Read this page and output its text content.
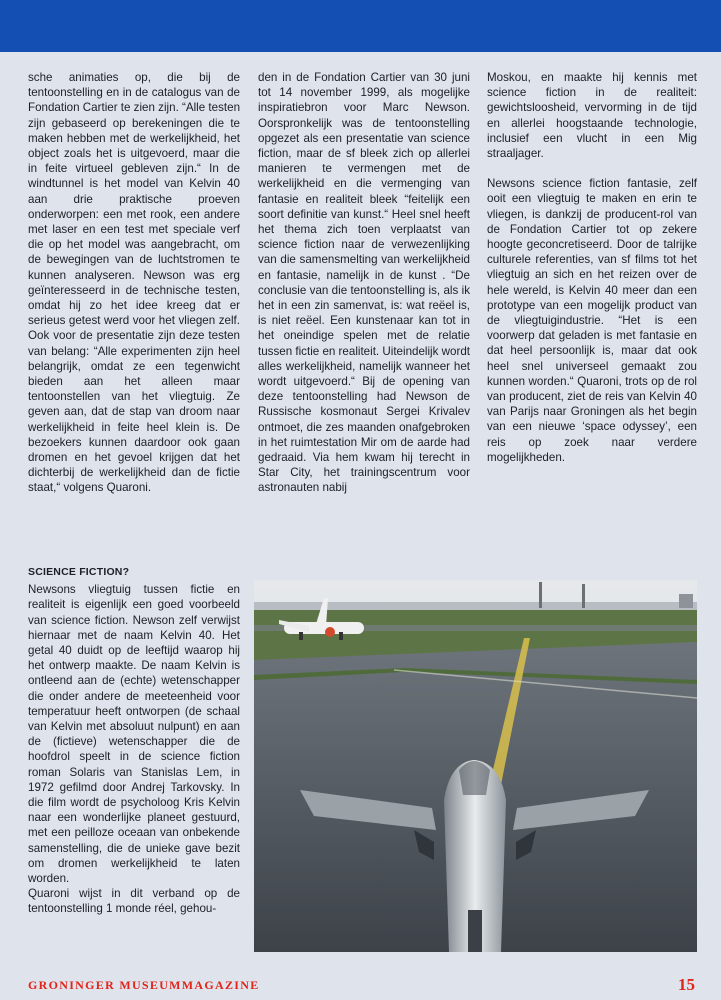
sche animaties op, die bij de tentoonstelling en in de catalogus van de Fondation Cartier te zien zijn. “Alle testen zijn gebaseerd op berekeningen die te maken hebben met de werkelijkheid, het object zoals het is uitgevoerd, maar die in feite virtueel gebleven zijn.“ In de windtunnel is het model van Kelvin 40 aan drie praktische proeven onderworpen: een met rook, een andere met laser en een test met speciale verf die op het model was aangebracht, om de bewegingen van de luchtstromen te kunnen analyseren. Newson was erg geïnteresseerd in de technische testen, omdat hij zo het idee kreeg dat er serieus getest werd voor het vliegen zelf. Ook voor de presentatie zijn deze testen van belang: “Alle experimenten zijn heel belangrijk, omdat ze een tegenwicht bieden aan het alleen maar tentoonstellen van het vliegtuig. Ze geven aan, dat de stap van droom naar werkelijkheid in feite heel klein is. De bezoekers kunnen daardoor ook gaan dromen en het gevoel krijgen dat het dichterbij de werkelijkheid dan de fictie staat,“ volgens Quaroni.

SCIENCE FICTION?

Newsons vliegtuig tussen fictie en realiteit is eigenlijk een goed voorbeeld van science fiction. Newson zelf verwijst hiernaar met de naam Kelvin 40. Het getal 40 duidt op de leeftijd waarop hij het ontwerp maakte. De naam Kelvin is ontleend aan de (echte) wetenschapper die onder andere de meeteenheid voor temperatuur heeft ontworpen (de schaal van Kelvin met absoluut nulpunt) en aan de (fictieve) wetenschapper die de hoofdrol speelt in de science fiction roman Solaris van Stanislas Lem, in 1972 gefilmd door Andrej Tarkovsky. In die film wordt de psycholoog Kris Kelvin naar een wonderlijke planeet gestuurd, met een peilloze oceaan van onbekende samenstelling, die de unieke gave bezit om dromen werkelijkheid te laten worden.

Quaroni wijst in dit verband op de tentoonstelling 1 monde réel, gehou-

den in de Fondation Cartier van 30 juni tot 14 november 1999, als mogelijke inspiratiebron voor Marc Newson. Oorspronkelijk was de tentoonstelling opgezet als een presentatie van science fiction, maar de sf bleek zich op allerlei manieren te vermengen met de werkelijkheid en die vermenging van fantasie en realiteit bleek “feitelijk een soort definitie van kunst.“ Heel snel heeft het thema zich toen verplaatst van science fiction naar de verwezenlijking van die samensmelting van werkelijkheid en fantasie, namelijk in de kunst . “De conclusie van die tentoonstelling is, als ik het in een zin samenvat, is: wat reëel is, is niet reëel. Een kunstenaar kan tot in het oneindige spelen met de relatie tussen fictie en realiteit. Uiteindelijk wordt alles werkelijkheid, namelijk wanneer het wordt uitgevoerd.“ Bij de opening van deze tentoonstelling had Newson de Russische kosmonaut Sergei Krivalev ontmoet, die zes maanden onafgebroken in het ruimtestation Mir om de aarde had gedraaid. Via hem kwam hij terecht in Star City, het trainingscentrum voor astronauten nabij

Moskou, en maakte hij kennis met science fiction in de realiteit: gewichtsloosheid, vervorming in de tijd en allerlei hoogstaande technologie, inclusief een vlucht in een Mig straaljager.

Newsons science fiction fantasie, zelf ooit een vliegtuig te maken en erin te vliegen, is dankzij de producent-rol van de Fondation Cartier tot op zekere hoogte geconcretiseerd. Door de talrijke culturele referenties, van sf films tot het vliegtuig an sich en het reizen over de hele wereld, is Kelvin 40 meer dan een prototype van een mogelijk product van de vliegtuigindustrie. “Het is een voorwerp dat geladen is met fantasie en dat heel persoonlijk is, maar dat ook heel snel universeel gemaakt zou kunnen worden.“ Quaroni, trots op de rol van producent, ziet de reis van Kelvin 40 van Parijs naar Groningen als het begin van een nieuwe ‘space odyssey’, een reis op zoek naar verdere mogelijkheden.

GRONINGER MUSEUMMAGAZINE	15
